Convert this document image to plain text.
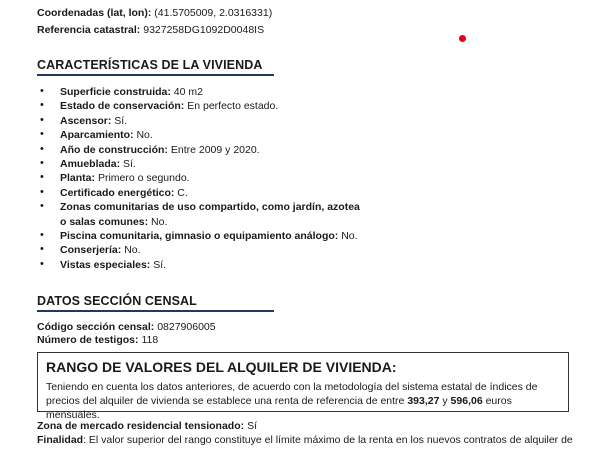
Coordenadas (lat, lon): (41.5705009, 2.0316331)
Referencia catastral: 9327258DG1092D0048IS
CARACTERÍSTICAS DE LA VIVIENDA
• Superficie construida: 40 m2
• Estado de conservación: En perfecto estado.
• Ascensor: Sí.
• Aparcamiento: No.
• Año de construcción: Entre 2009 y 2020.
• Amueblada: Sí.
• Planta: Primero o segundo.
• Certificado energético: C.
• Zonas comunitarias de uso compartido, como jardín, azotea
o salas comunes: No.
• Piscina comunitaria, gimnasio o equipamiento análogo: No.
• Conserjería: No.
• Vistas especiales: Sí.
DATOS SECCIÓN CENSAL
Código sección censal: 0827906005
Número de testigos: 118
RANGO DE VALORES DEL ALQUILER DE VIVIENDA:
Teniendo en cuenta los datos anteriores, de acuerdo con la metodología del sistema estatal de índices de precios del alquiler de vivienda se establece una renta de referencia de entre 393,27 y 596,06 euros mensuales.
Zona de mercado residencial tensionado: Sí
Finalidad: El valor superior del rango constituye el límite máximo de la renta en los nuevos contratos de alquiler de
